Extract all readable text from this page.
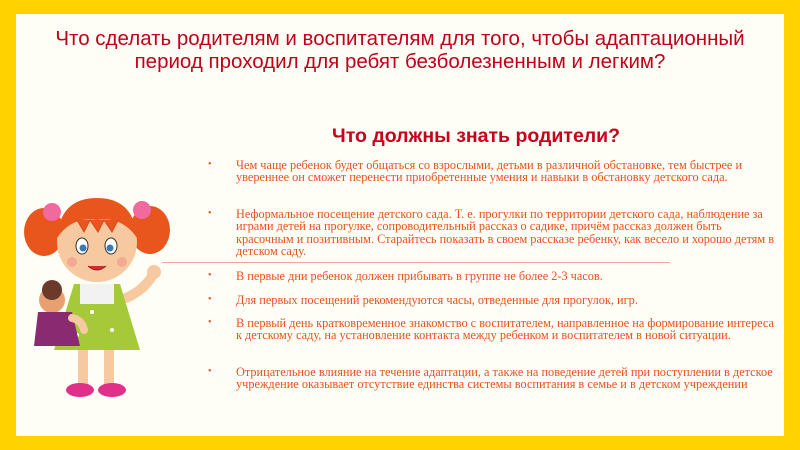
Что сделать родителям и воспитателям для того, чтобы адаптационный период проходил для ребят безболезненным и легким?
Что должны знать родители?
• Чем чаще ребенок будет общаться со взрослыми, детьми в различной обстановке, тем быстрее и увереннее он сможет перенести приобретенные умения и навыки в обстановку детского сада.
• Неформальное посещение детского сада. Т. е. прогулки по территории детского сада, наблюдение за играми детей на прогулке, сопроводительный рассказ о садике, причём рассказ должен быть красочным и позитивным. Старайтесь показать в своем рассказе ребенку, как весело и хорошо детям в детском саду.
• В первые дни ребенок должен прибывать в группе не более 2-3 часов.
• Для первых посещений рекомендуются часы, отведенные для прогулок, игр.
• В первый день кратковременное знакомство с воспитателем, направленное на формирование интереса к детскому саду, на установление контакта между ребенком и воспитателем в новой ситуации.
• Отрицательное влияние на течение адаптации, а также на поведение детей при поступлении в детское учреждение оказывает отсутствие единства системы воспитания в семье и в детском учреждении
